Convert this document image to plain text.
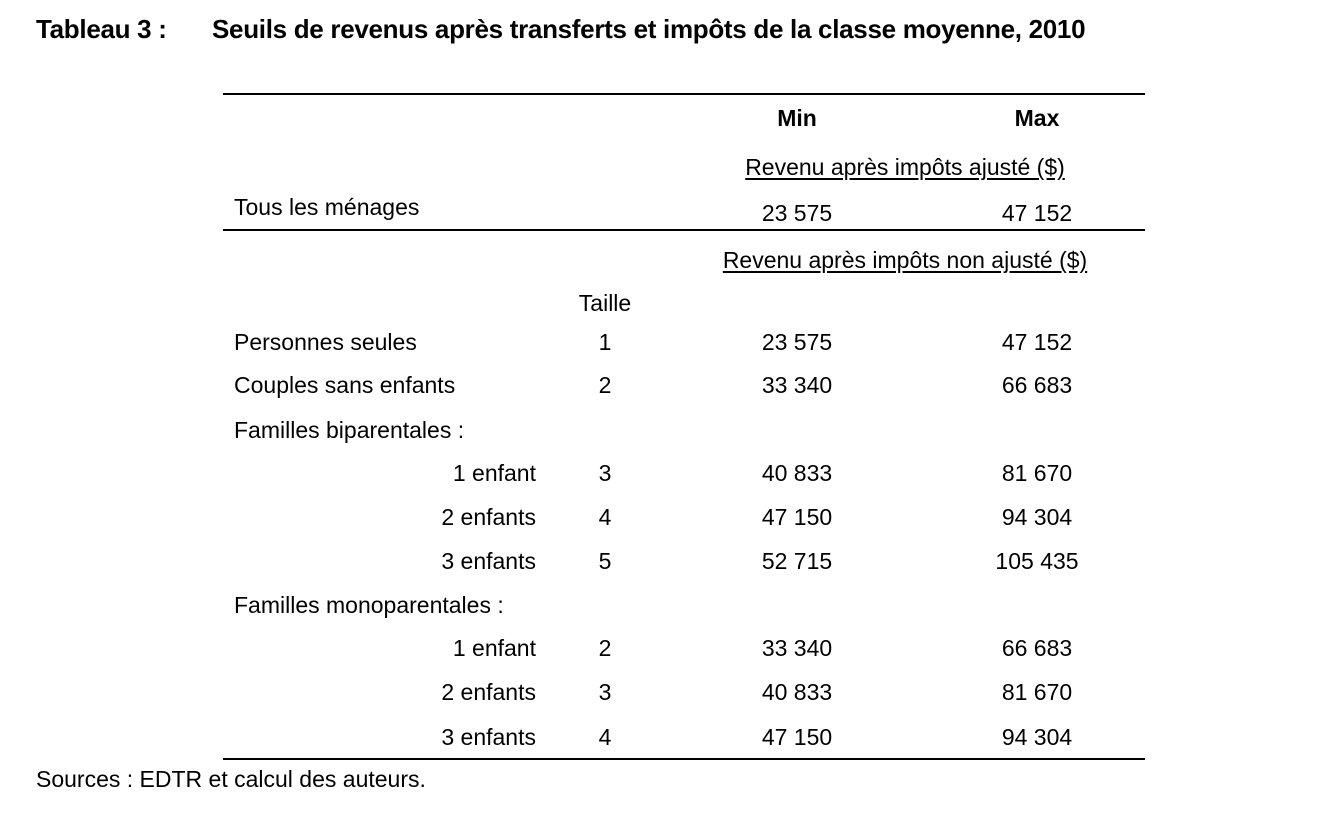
Tableau 3 : Seuils de revenus après transferts et impôts de la classe moyenne, 2010
Min	Max
Revenu après impôts ajusté ($)
Tous les ménages	23 575	47 152
Revenu après impôts non ajusté ($)
Taille
Personnes seules	1	23 575	47 152
Couples sans enfants	2	33 340	66 683
Familles biparentales :
1 enfant	3	40 833	81 670
2 enfants	4	47 150	94 304
3 enfants	5	52 715	105 435
Familles monoparentales :
1 enfant	2	33 340	66 683
2 enfants	3	40 833	81 670
3 enfants	4	47 150	94 304
Sources : EDTR et calcul des auteurs.
